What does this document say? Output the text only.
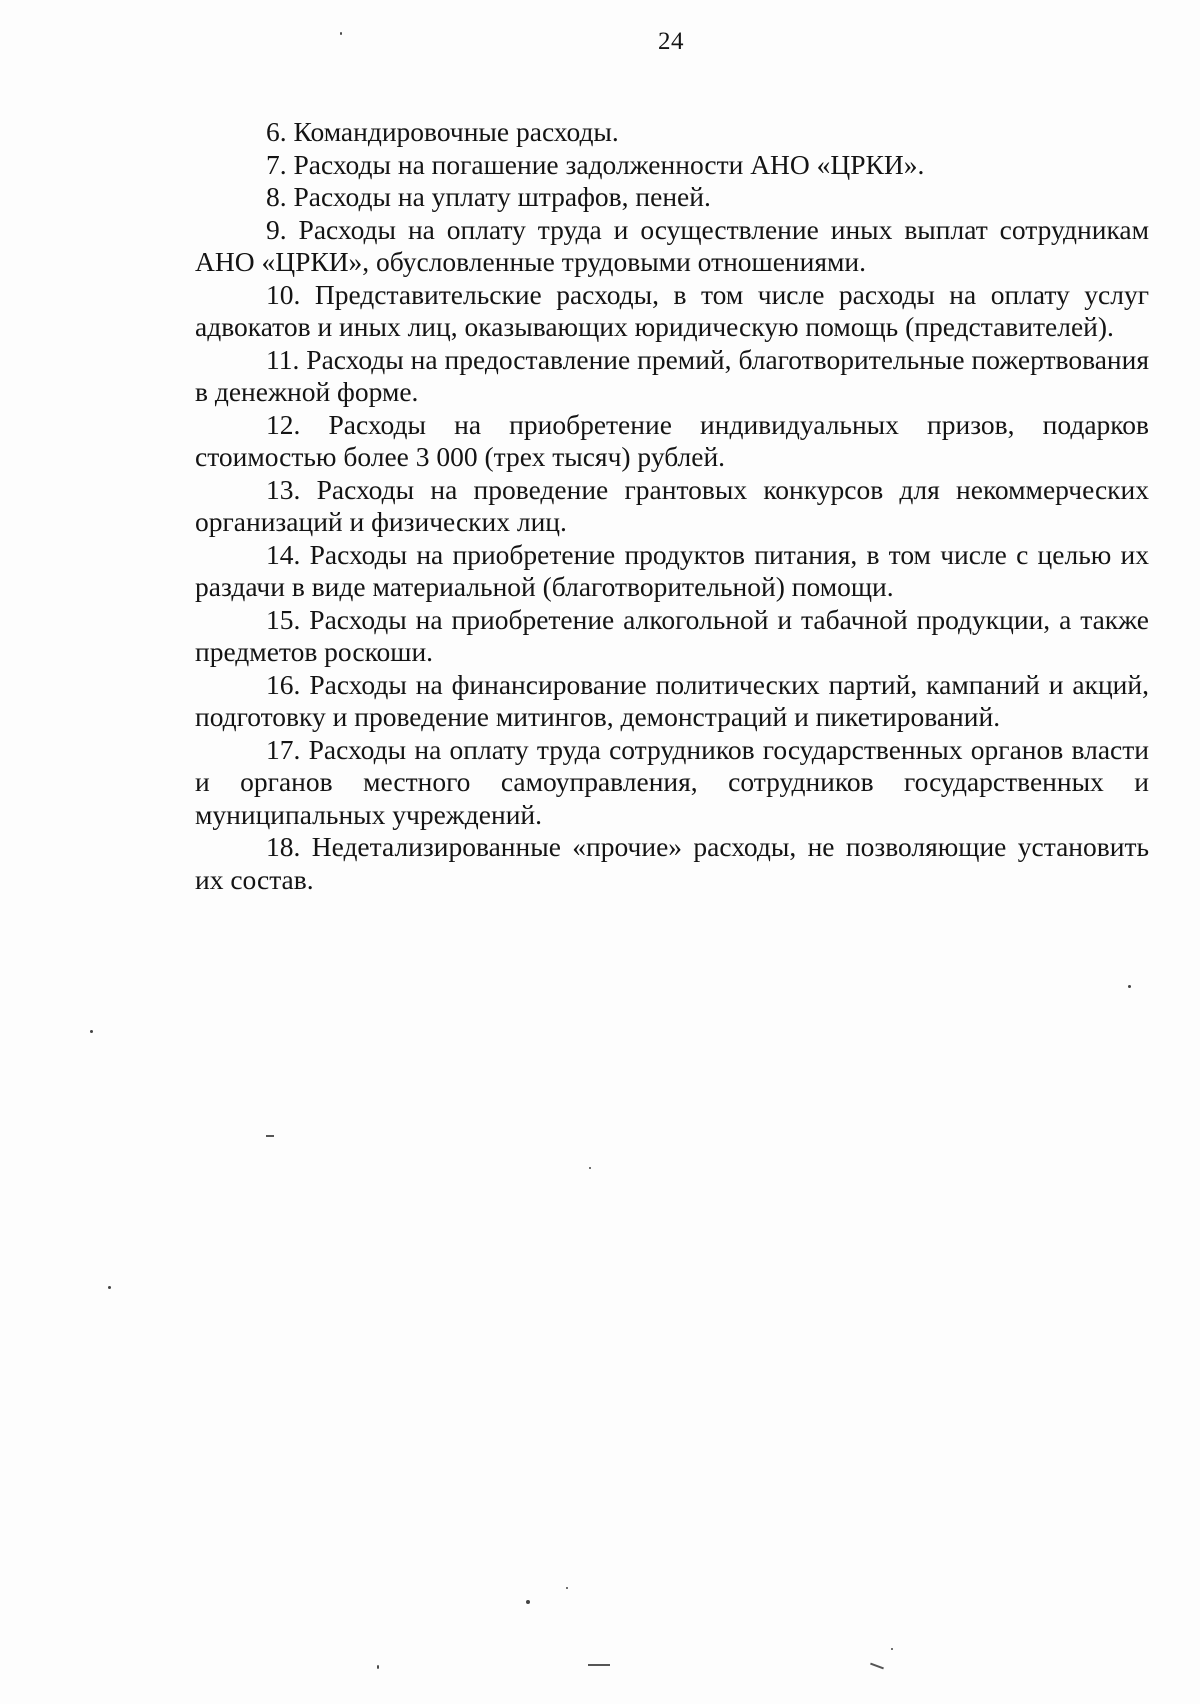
24

6. Командировочные расходы.

7. Расходы на погашение задолженности АНО «ЦРКИ».

8. Расходы на уплату штрафов, пеней.

9. Расходы на оплату труда и осуществление иных выплат сотрудникам АНО «ЦРКИ», обусловленные трудовыми отношениями.

10. Представительские расходы, в том числе расходы на оплату услуг адвокатов и иных лиц, оказывающих юридическую помощь (представителей).

11. Расходы на предоставление премий, благотворительные пожертвования в денежной форме.

12. Расходы на приобретение индивидуальных призов, подарков стоимостью более 3 000 (трех тысяч) рублей.

13. Расходы на проведение грантовых конкурсов для некоммерческих организаций и физических лиц.

14. Расходы на приобретение продуктов питания, в том числе с целью их раздачи в виде материальной (благотворительной) помощи.

15. Расходы на приобретение алкогольной и табачной продукции, а также предметов роскоши.

16. Расходы на финансирование политических партий, кампаний и акций, подготовку и проведение митингов, демонстраций и пикетирований.

17. Расходы на оплату труда сотрудников государственных органов власти и органов местного самоуправления, сотрудников государственных и муниципальных учреждений.

18. Недетализированные «прочие» расходы, не позволяющие установить их состав.
